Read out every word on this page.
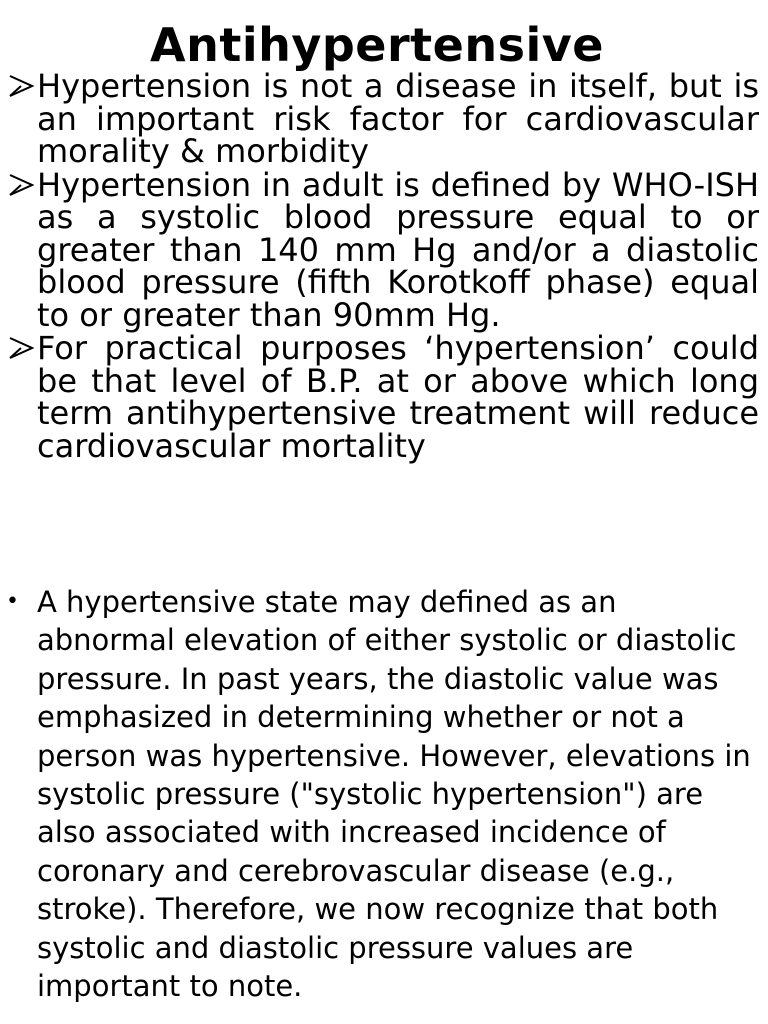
Antihypertensive
Hypertension is not a disease in itself, but is an important risk factor for cardiovascular morality & morbidity
Hypertension in adult is defined by WHO-ISH as a systolic blood pressure equal to or greater than 140 mm Hg and/or a diastolic blood pressure (fifth Korotkoff phase) equal to or greater than 90mm Hg.
For practical purposes ‘hypertension’ could be that level of B.P. at or above which long term antihypertensive treatment will reduce cardiovascular mortality
• A hypertensive state may defined as an abnormal elevation of either systolic or diastolic pressure. In past years, the diastolic value was emphasized in determining whether or not a person was hypertensive. However, elevations in systolic pressure ("systolic hypertension") are also associated with increased incidence of coronary and cerebrovascular disease (e.g., stroke). Therefore, we now recognize that both systolic and diastolic pressure values are important to note.
